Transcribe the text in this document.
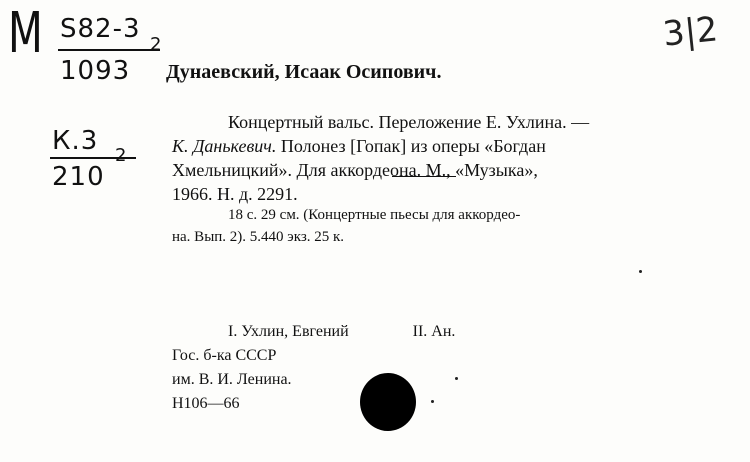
М S82-3
1093
2
К.3
210
2
3|2
Дунаевский, Исаак Осипович.
Концертный вальс. Переложение Е. Ухлина. —
К. Данькевич. Полонез [Гопак] из оперы «Богдан
Хмельницкий». Для аккордеона. М., «Музыка»,
1966. Н. д. 2291.
18 с. 29 см. (Концертные пьесы для аккордео-
на. Вып. 2). 5.440 экз. 25 к.
I. Ухлин, Евгений	II. Ан.
Гос. б-ка СССР
им. В. И. Ленина.
Н106—66
